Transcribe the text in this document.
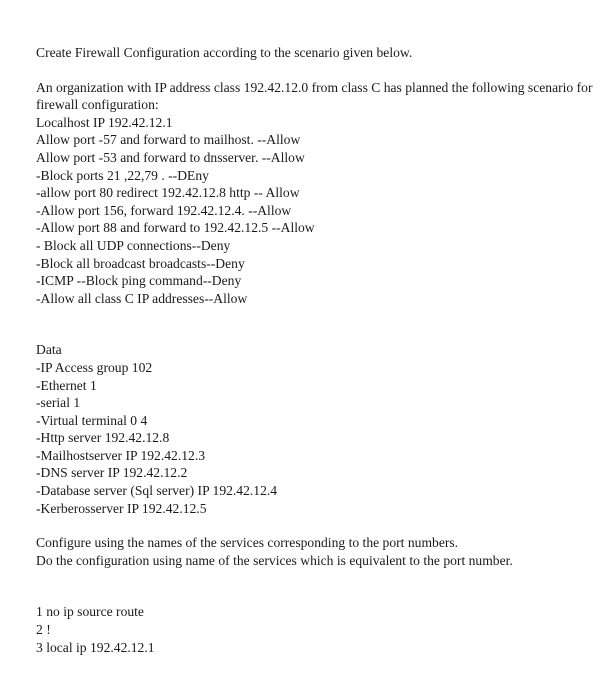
Create Firewall Configuration according to the scenario given below.
An organization with IP address class 192.42.12.0 from class C has planned the following scenario for firewall configuration:
Localhost IP 192.42.12.1
Allow port -57 and forward to mailhost. --Allow
Allow port -53 and forward to dnsserver. --Allow
-Block ports 21 ,22,79 . --DEny
-allow port 80 redirect 192.42.12.8 http -- Allow
-Allow port 156, forward 192.42.12.4. --Allow
-Allow port 88 and forward to 192.42.12.5 --Allow
- Block all UDP connections--Deny
-Block all broadcast broadcasts--Deny
-ICMP --Block ping command--Deny
-Allow all class C IP addresses--Allow
Data
-IP Access group 102
-Ethernet 1
-serial 1
-Virtual terminal 0 4
-Http server 192.42.12.8
-Mailhostserver IP 192.42.12.3
-DNS server IP 192.42.12.2
-Database server (Sql server) IP 192.42.12.4
-Kerberosserver IP 192.42.12.5
Configure using the names of the services corresponding to the port numbers.
Do the configuration using name of the services which is equivalent to the port number.
1 no ip source route
2 !
3 local ip 192.42.12.1
